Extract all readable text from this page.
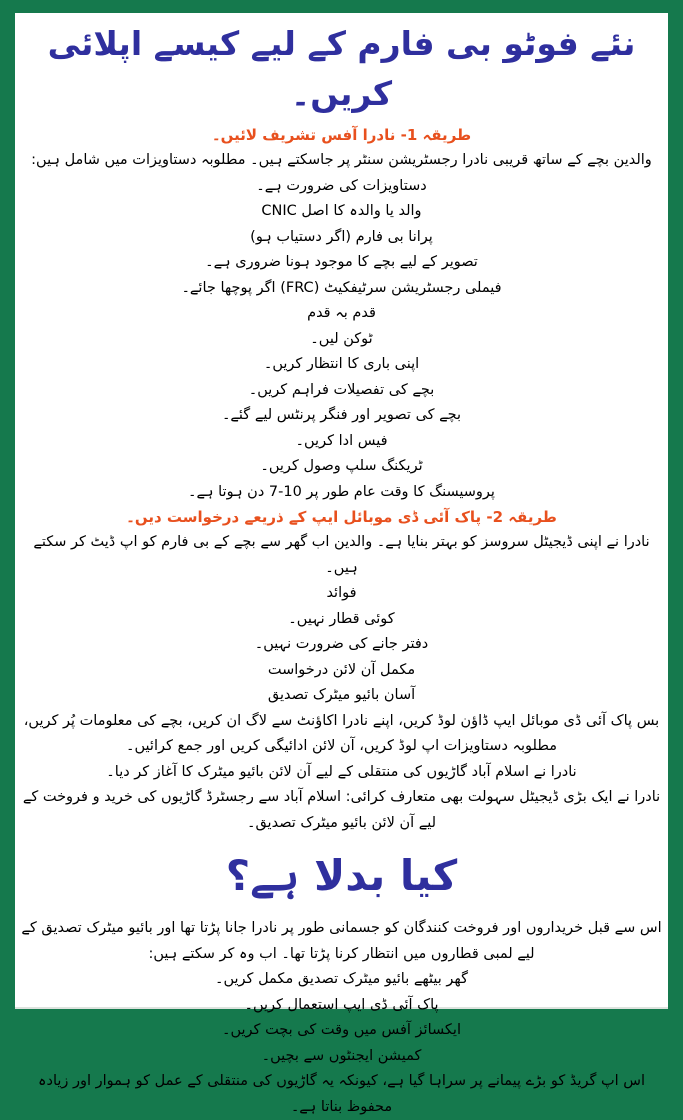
نئے فوٹو بی فارم کے لیے کیسے اپلائی کریں۔

طریقہ 1- نادرا آفس تشریف لائیں۔

والدین بچے کے ساتھ قریبی نادرا رجسٹریشن سنٹر پر جاسکتے ہیں۔ مطلوبہ دستاویزات میں شامل ہیں:

دستاویزات کی ضرورت ہے۔

والد یا والدہ کا اصل CNIC

پرانا بی فارم (اگر دستیاب ہو)

تصویر کے لیے بچے کا موجود ہونا ضروری ہے۔

فیملی رجسٹریشن سرٹیفکیٹ (FRC) اگر پوچھا جائے۔

قدم بہ قدم

ٹوکن لیں۔

اپنی باری کا انتظار کریں۔

بچے کی تفصیلات فراہم کریں۔

بچے کی تصویر اور فنگر پرنٹس لیے گئے۔

فیس ادا کریں۔

ٹریکنگ سلپ وصول کریں۔

پروسیسنگ کا وقت عام طور پر 10-7 دن ہوتا ہے۔

طریقہ 2- پاک آئی ڈی موبائل ایپ کے ذریعے درخواست دیں۔

نادرا نے اپنی ڈیجیٹل سروسز کو بہتر بنایا ہے۔ والدین اب گھر سے بچے کے بی فارم کو اپ ڈیٹ کر سکتے ہیں۔

فوائد

کوئی قطار نہیں۔

دفتر جانے کی ضرورت نہیں۔

مکمل آن لائن درخواست

آسان بائیو میٹرک تصدیق

بس پاک آئی ڈی موبائل ایپ ڈاؤن لوڈ کریں، اپنے نادرا اکاؤنٹ سے لاگ ان کریں، بچے کی معلومات پُر کریں، مطلوبہ دستاویزات اپ لوڈ کریں، آن لائن ادائیگی کریں اور جمع کرائیں۔

نادرا نے اسلام آباد گاڑیوں کی منتقلی کے لیے آن لائن بائیو میٹرک کا آغاز کر دیا۔

نادرا نے ایک بڑی ڈیجیٹل سہولت بھی متعارف کرائی: اسلام آباد سے رجسٹرڈ گاڑیوں کی خرید و فروخت کے لیے آن لائن بائیو میٹرک تصدیق۔

کیا بدلا ہے؟

اس سے قبل خریداروں اور فروخت کنندگان کو جسمانی طور پر نادرا جانا پڑتا تھا اور بائیو میٹرک تصدیق کے لیے لمبی قطاروں میں انتظار کرنا پڑتا تھا۔ اب وہ کر سکتے ہیں:

گھر بیٹھے بائیو میٹرک تصدیق مکمل کریں۔

پاک آئی ڈی ایپ استعمال کریں۔

ایکسائز آفس میں وقت کی بچت کریں۔

کمیشن ایجنٹوں سے بچیں۔

اس اپ گریڈ کو بڑے پیمانے پر سراہا گیا ہے، کیونکہ یہ گاڑیوں کی منتقلی کے عمل کو ہموار اور زیادہ محفوظ بناتا ہے۔
